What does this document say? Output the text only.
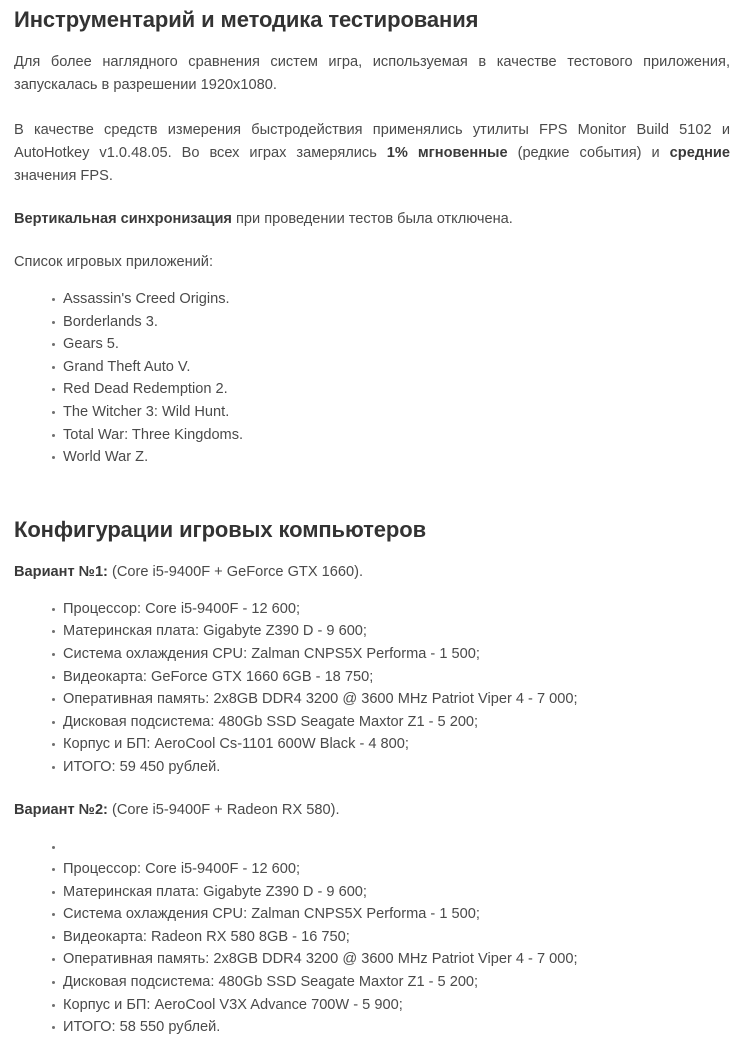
Инструментарий и методика тестирования

Для более наглядного сравнения систем игра, используемая в качестве тестового приложения, запускалась в разрешении 1920x1080.

В качестве средств измерения быстродействия применялись утилиты FPS Monitor Build 5102 и AutoHotkey v1.0.48.05. Во всех играх замерялись 1% мгновенные (редкие события) и средние значения FPS.

Вертикальная синхронизация при проведении тестов была отключена.

Список игровых приложений:

Assassin's Creed Origins.
Borderlands 3.
Gears 5.
Grand Theft Auto V.
Red Dead Redemption 2.
The Witcher 3: Wild Hunt.
Total War: Three Kingdoms.
World War Z.
Конфигурации игровых компьютеров

Вариант №1: (Core i5-9400F + GeForce GTX 1660).

Процессор: Core i5-9400F - 12 600;
Материнская плата: Gigabyte Z390 D - 9 600;
Система охлаждения CPU: Zalman CNPS5X Performa - 1 500;
Видеокарта: GeForce GTX 1660 6GB - 18 750;
Оперативная память: 2x8GB DDR4 3200 @ 3600 MHz Patriot Viper 4 - 7 000;
Дисковая подсистема: 480Gb SSD Seagate Maxtor Z1 - 5 200;
Корпус и БП: AeroCool Cs-1101 600W Black - 4 800;
ИТОГО: 59 450 рублей.

Вариант №2: (Core i5-9400F + Radeon RX 580).

Процессор: Core i5-9400F - 12 600;
Материнская плата: Gigabyte Z390 D - 9 600;
Система охлаждения CPU: Zalman CNPS5X Performa - 1 500;
Видеокарта: Radeon RX 580 8GB - 16 750;
Оперативная память: 2x8GB DDR4 3200 @ 3600 MHz Patriot Viper 4 - 7 000;
Дисковая подсистема: 480Gb SSD Seagate Maxtor Z1 - 5 200;
Корпус и БП: AeroCool V3X Advance 700W - 5 900;
ИТОГО: 58 550 рублей.
